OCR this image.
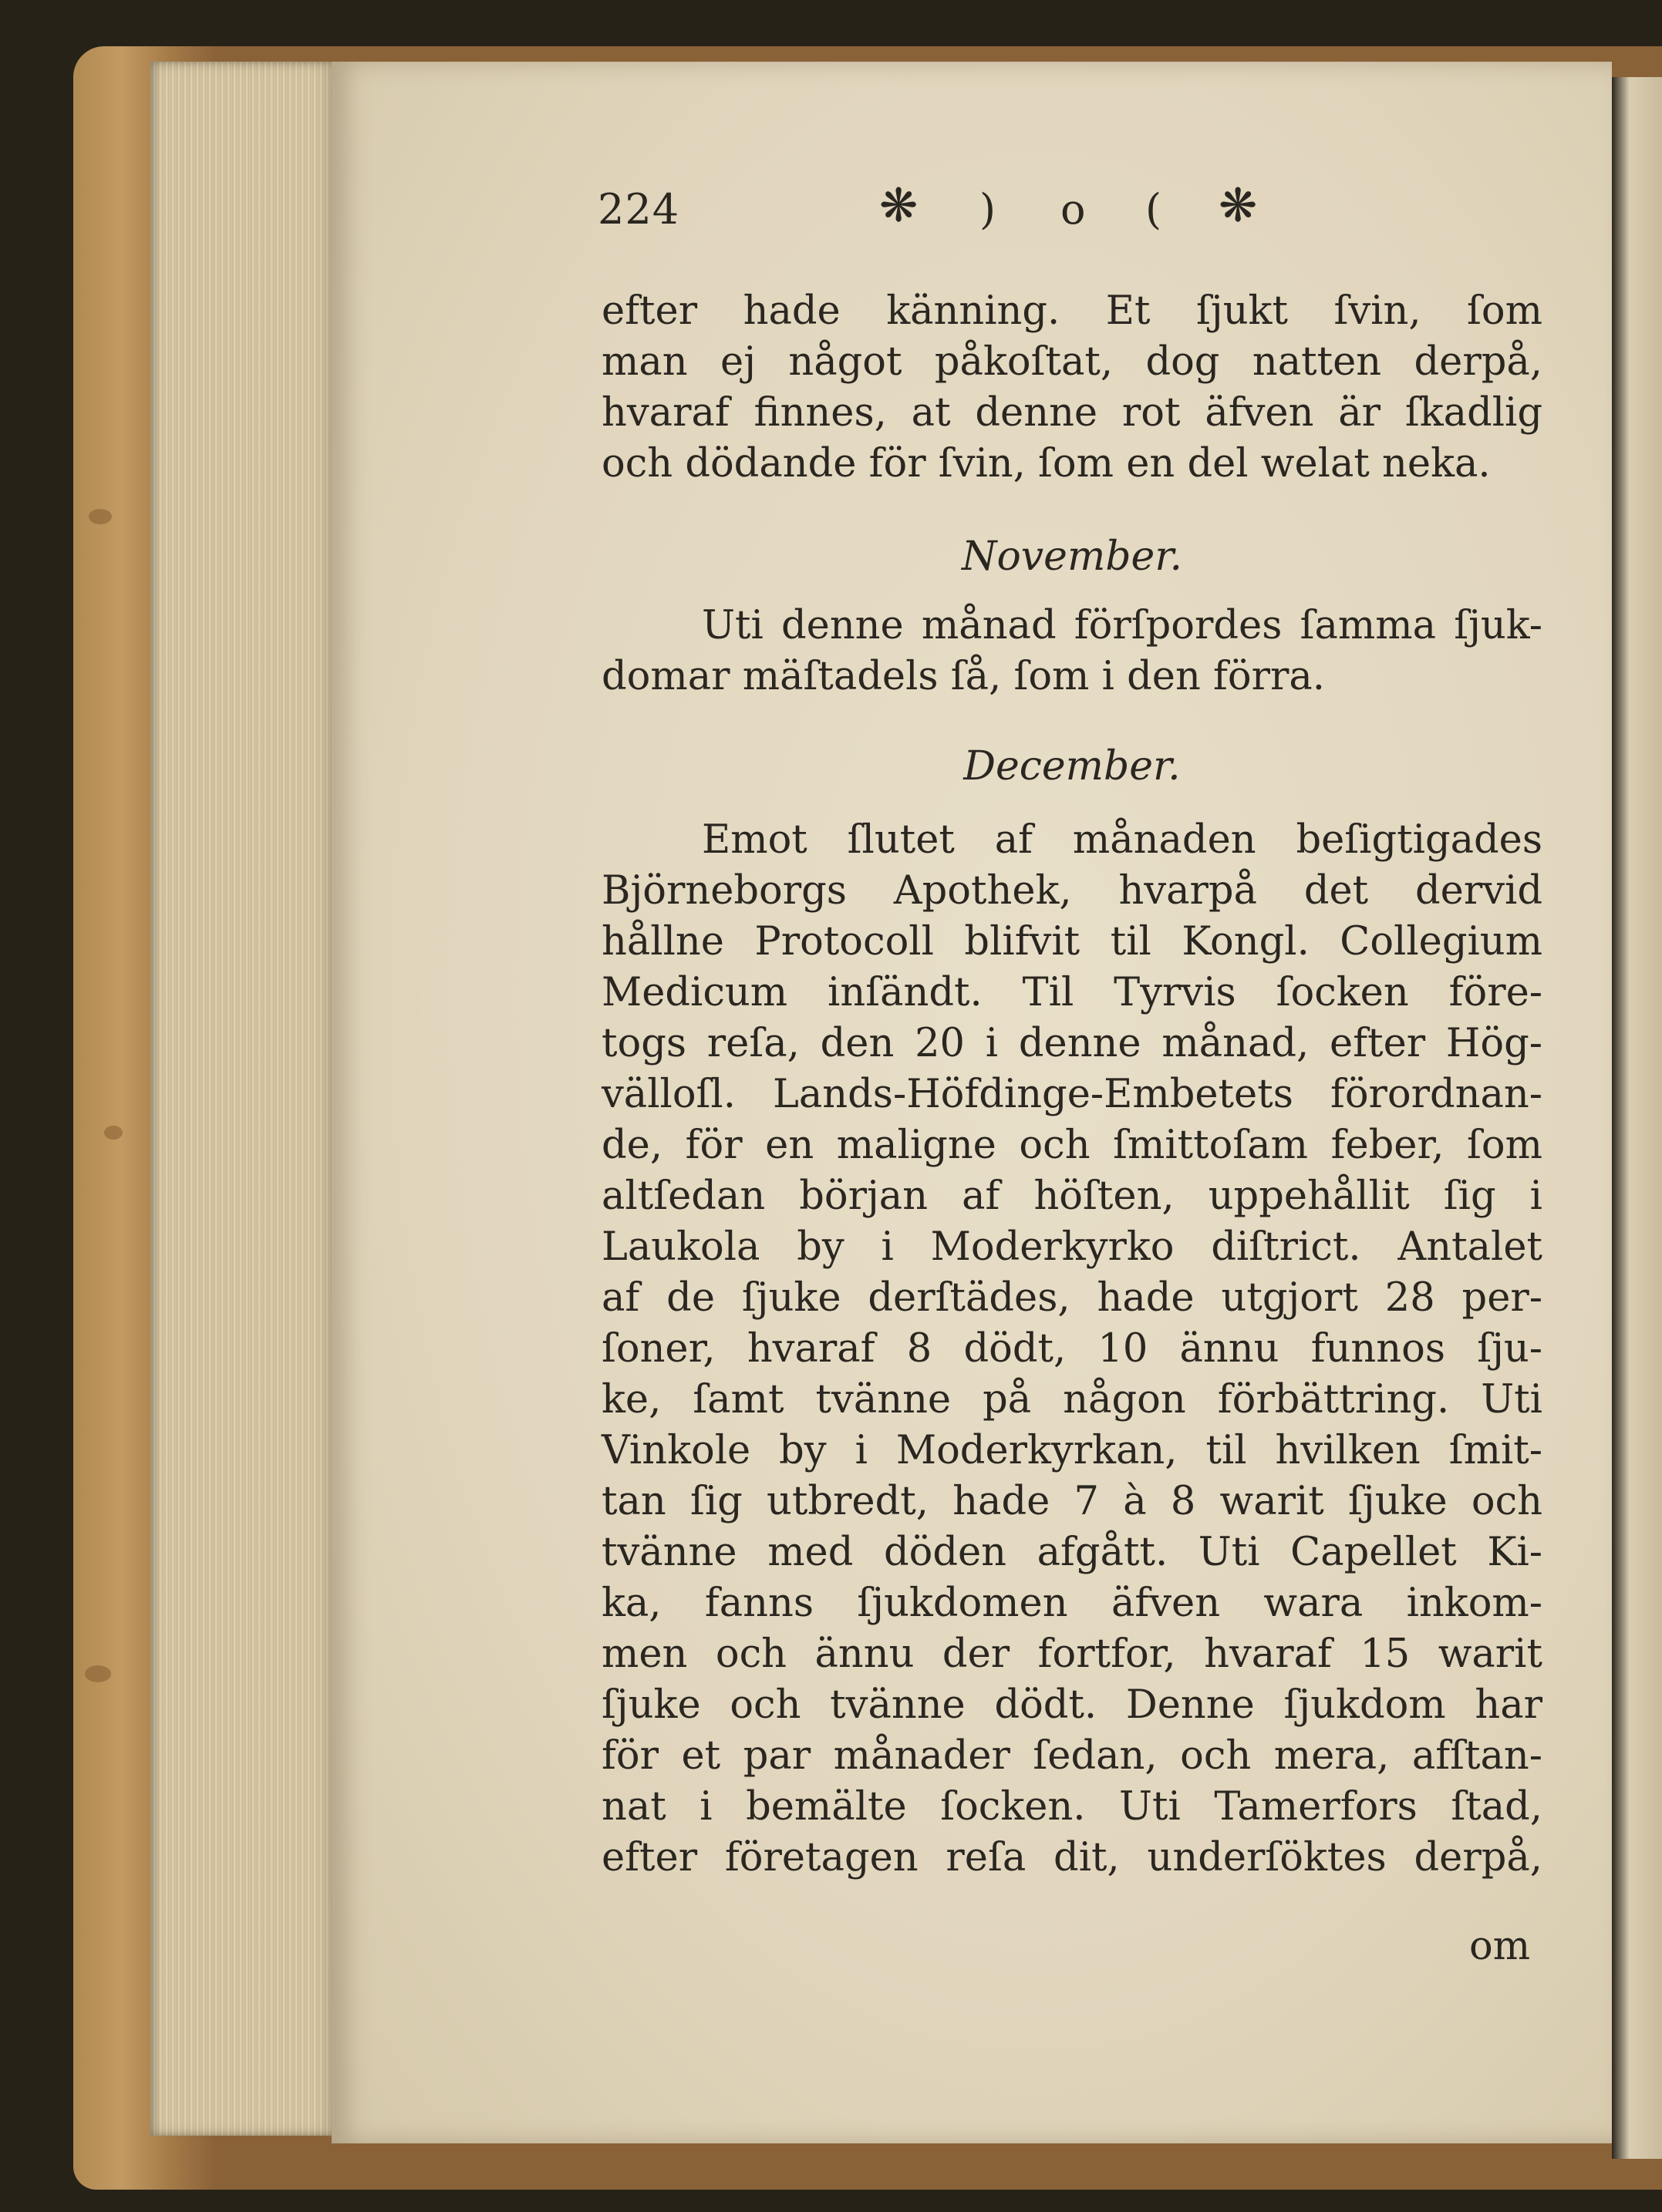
224	❋ ) o ( ❋
efter hade känning. Et ſjukt ſvin, ſom
man ej något påkoſtat, dog natten derpå,
hvaraf finnes, at denne rot äfven är ſkadlig
och dödande för ſvin, ſom en del welat neka.
November.
Uti denne månad förſpordes ſamma ſjuk-
domar mäſtadels ſå, ſom i den förra.
December.
Emot ſlutet af månaden beſigtigades
Björneborgs Apothek, hvarpå det dervid
hållne Protocoll blifvit til Kongl. Collegium
Medicum inſändt. Til Tyrvis ſocken före-
togs reſa, den 20 i denne månad, efter Hög-
välloſl. Lands-Höfdinge-Embetets förordnan-
de, för en maligne och ſmittoſam feber, ſom
altſedan början af höſten, uppehållit ſig i
Laukola by i Moderkyrko diſtrict. Antalet
af de ſjuke derſtädes, hade utgjort 28 per-
ſoner, hvaraf 8 dödt, 10 ännu funnos ſju-
ke, ſamt tvänne på någon förbättring. Uti
Vinkole by i Moderkyrkan, til hvilken ſmit-
tan ſig utbredt, hade 7 à 8 warit ſjuke och
tvänne med döden afgått. Uti Capellet Ki-
ka, fanns ſjukdomen äfven wara inkom-
men och ännu der fortfor, hvaraf 15 warit
ſjuke och tvänne dödt. Denne ſjukdom har
för et par månader ſedan, och mera, afſtan-
nat i bemälte ſocken. Uti Tamerfors ſtad,
efter företagen reſa dit, underſöktes derpå,
om
